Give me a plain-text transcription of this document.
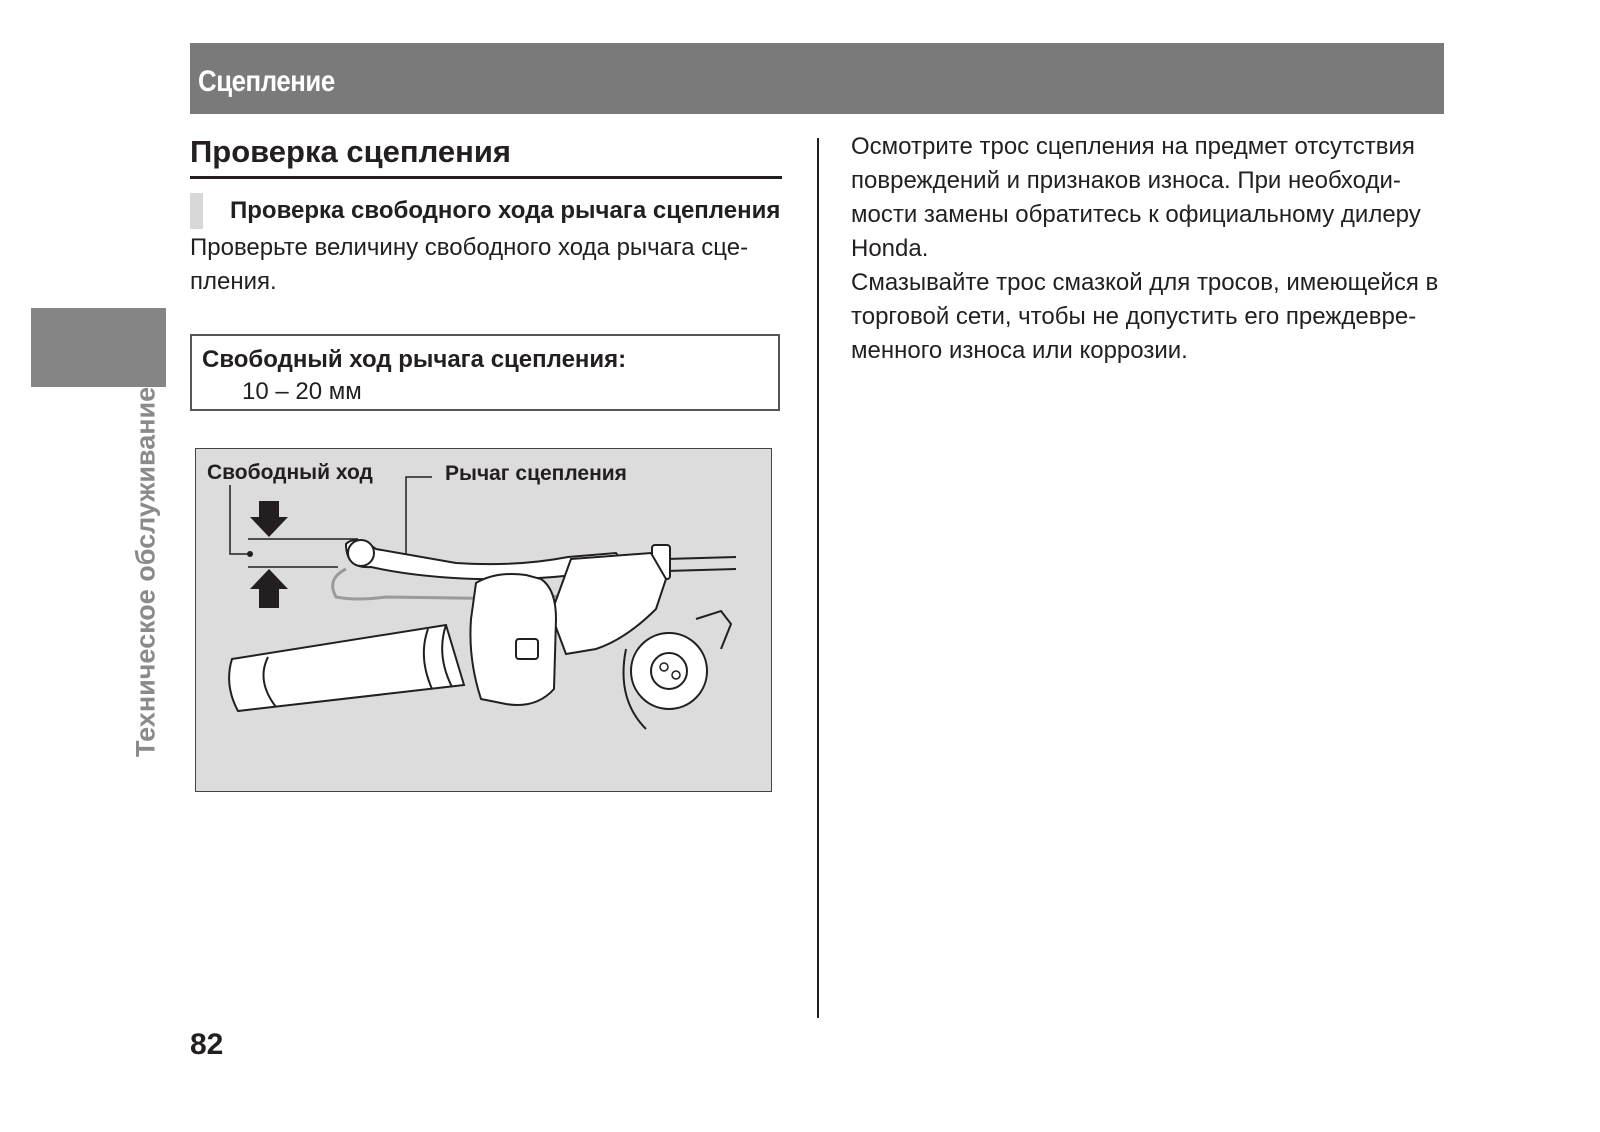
Сцепление
Техническое обслуживание
Проверка сцепления
Проверка свободного хода рычага сцепления

Проверьте величину свободного хода рычага сце-
пления.

Свободный ход рычага сцепления:
10 – 20 мм
Свободный ход	Рычаг сцепления

Осмотрите трос сцепления на предмет отсутствия
повреждений и признаков износа. При необходи-
мости замены обратитесь к официальному дилеру
Honda.
Смазывайте трос смазкой для тросов, имеющейся в
торговой сети, чтобы не допустить его преждевре-
менного износа или коррозии.

82
